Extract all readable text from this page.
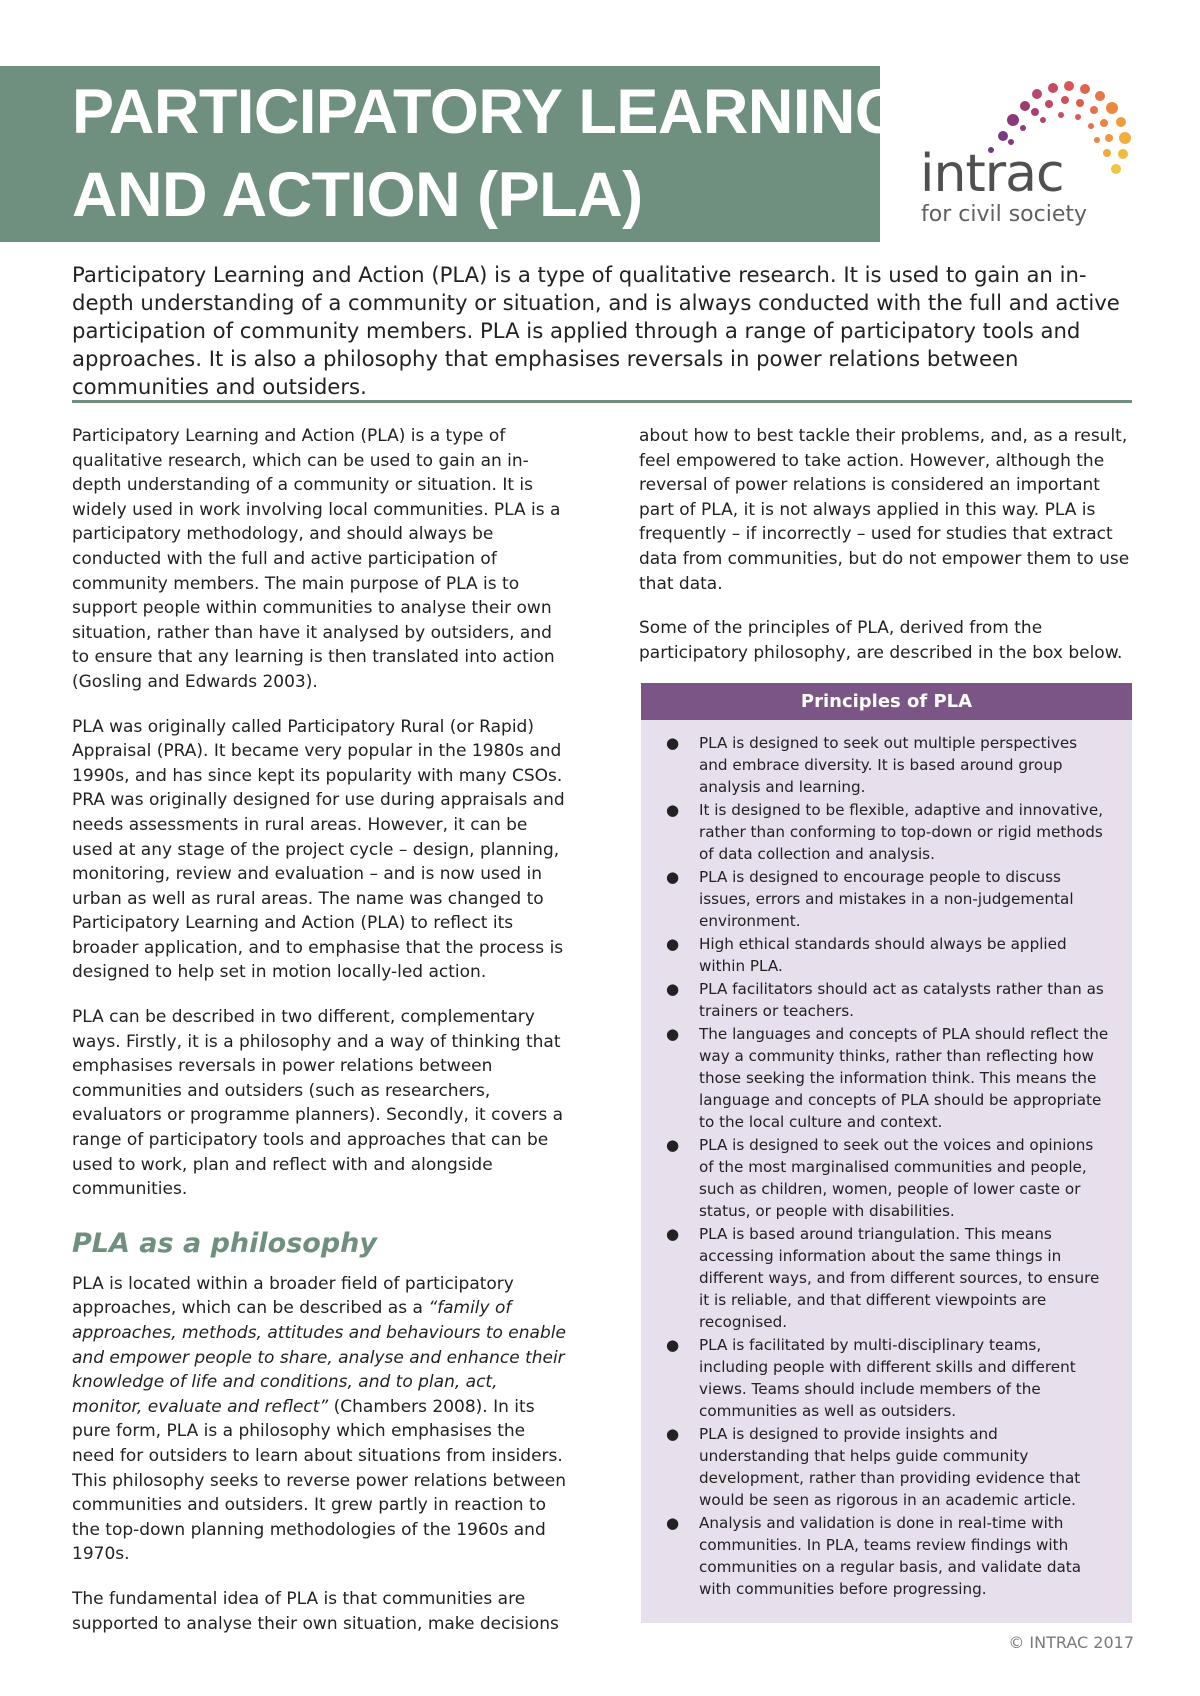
PARTICIPATORY LEARNING
AND ACTION (PLA)	intrac
for civil society
Participatory Learning and Action (PLA) is a type of qualitative research. It is used to gain an in-depth understanding of a community or situation, and is always conducted with the full and active participation of community members. PLA is applied through a range of participatory tools and approaches. It is also a philosophy that emphasises reversals in power relations between communities and outsiders.

Participatory Learning and Action (PLA) is a type of qualitative research, which can be used to gain an in-depth understanding of a community or situation. It is widely used in work involving local communities. PLA is a participatory methodology, and should always be conducted with the full and active participation of community members. The main purpose of PLA is to support people within communities to analyse their own situation, rather than have it analysed by outsiders, and to ensure that any learning is then translated into action (Gosling and Edwards 2003).

PLA was originally called Participatory Rural (or Rapid) Appraisal (PRA). It became very popular in the 1980s and 1990s, and has since kept its popularity with many CSOs. PRA was originally designed for use during appraisals and needs assessments in rural areas. However, it can be used at any stage of the project cycle – design, planning, monitoring, review and evaluation – and is now used in urban as well as rural areas. The name was changed to Participatory Learning and Action (PLA) to reflect its broader application, and to emphasise that the process is designed to help set in motion locally-led action.

PLA can be described in two different, complementary ways. Firstly, it is a philosophy and a way of thinking that emphasises reversals in power relations between communities and outsiders (such as researchers, evaluators or programme planners). Secondly, it covers a range of participatory tools and approaches that can be used to work, plan and reflect with and alongside communities.

PLA as a philosophy

PLA is located within a broader field of participatory approaches, which can be described as a “family of approaches, methods, attitudes and behaviours to enable and empower people to share, analyse and enhance their knowledge of life and conditions, and to plan, act, monitor, evaluate and reflect” (Chambers 2008). In its pure form, PLA is a philosophy which emphasises the need for outsiders to learn about situations from insiders. This philosophy seeks to reverse power relations between communities and outsiders. It grew partly in reaction to the top-down planning methodologies of the 1960s and 1970s.

The fundamental idea of PLA is that communities are supported to analyse their own situation, make decisions

about how to best tackle their problems, and, as a result, feel empowered to take action. However, although the reversal of power relations is considered an important part of PLA, it is not always applied in this way. PLA is frequently – if incorrectly – used for studies that extract data from communities, but do not empower them to use that data.

Some of the principles of PLA, derived from the participatory philosophy, are described in the box below.

Principles of PLA
● PLA is designed to seek out multiple perspectives and embrace diversity. It is based around group analysis and learning.
● It is designed to be flexible, adaptive and innovative, rather than conforming to top-down or rigid methods of data collection and analysis.
● PLA is designed to encourage people to discuss issues, errors and mistakes in a non-judgemental environment.
● High ethical standards should always be applied within PLA.
● PLA facilitators should act as catalysts rather than as trainers or teachers.
● The languages and concepts of PLA should reflect the way a community thinks, rather than reflecting how those seeking the information think. This means the language and concepts of PLA should be appropriate to the local culture and context.
● PLA is designed to seek out the voices and opinions of the most marginalised communities and people, such as children, women, people of lower caste or status, or people with disabilities.
● PLA is based around triangulation. This means accessing information about the same things in different ways, and from different sources, to ensure it is reliable, and that different viewpoints are recognised.
● PLA is facilitated by multi-disciplinary teams, including people with different skills and different views. Teams should include members of the communities as well as outsiders.
● PLA is designed to provide insights and understanding that helps guide community development, rather than providing evidence that would be seen as rigorous in an academic article.
● Analysis and validation is done in real-time with communities. In PLA, teams review findings with communities on a regular basis, and validate data with communities before progressing.
© INTRAC 2017
